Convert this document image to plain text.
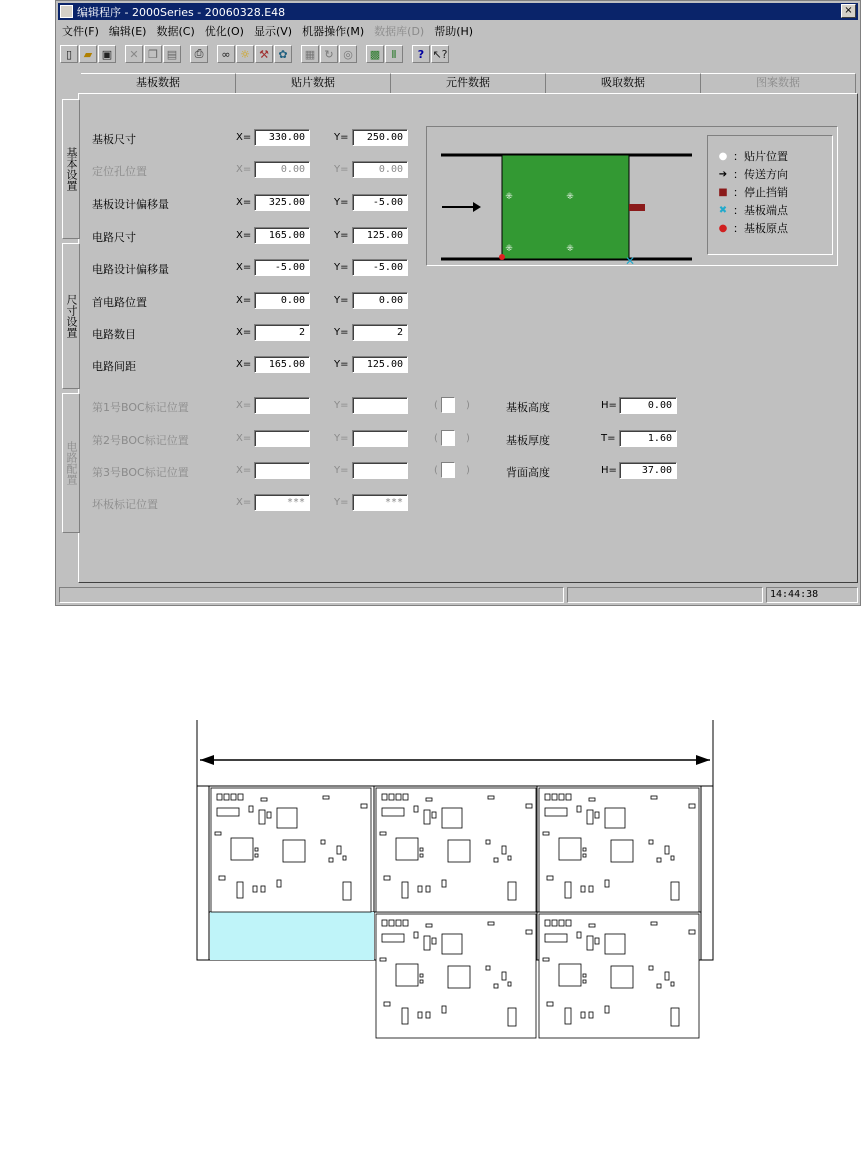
编辑程序 - 2000Series - 20060328.E48	×
文件(F) 编辑(E) 数据(C) 优化(O) 显示(V) 机器操作(M) 数据库(D) 帮助(H)
▯	▰ ▣	✕ ❐ ▤	⎙	∞ ☼ ⚒ ✿	▦ ↻ ◎	▩	Ⅱ	? ↖?
基板数据	贴片数据	元件数据	吸取数据	图案数据
基本设置
尺寸设置
电路配置
基板尺寸	X=	330.00	Y=	250.00
定位孔位置	X=	0.00	Y=	0.00
基板设计偏移量	X=	325.00	Y=	-5.00
电路尺寸	X=	165.00	Y=	125.00
电路设计偏移量	X=	-5.00	Y=	-5.00
首电路位置	X=	0.00	Y=	0.00
电路数目	X=	2	Y=	2
电路间距	X=	165.00	Y=	125.00
第1号BOC标记位置	X=	Y=
第2号BOC标记位置	X=	Y=
第3号BOC标记位置	X=	Y=
坏板标记位置	X=	***	Y=	***
(	)	基板高度	H=	0.00
(	)	基板厚度	T=	1.60
(	)	背面高度	H=	37.00
⁜	⁜
⁜	⁜
✕
● ：贴片位置
➔ ：传送方向
■ ：停止挡销
✖ ：基板端点
● ：基板原点
14:44:38
